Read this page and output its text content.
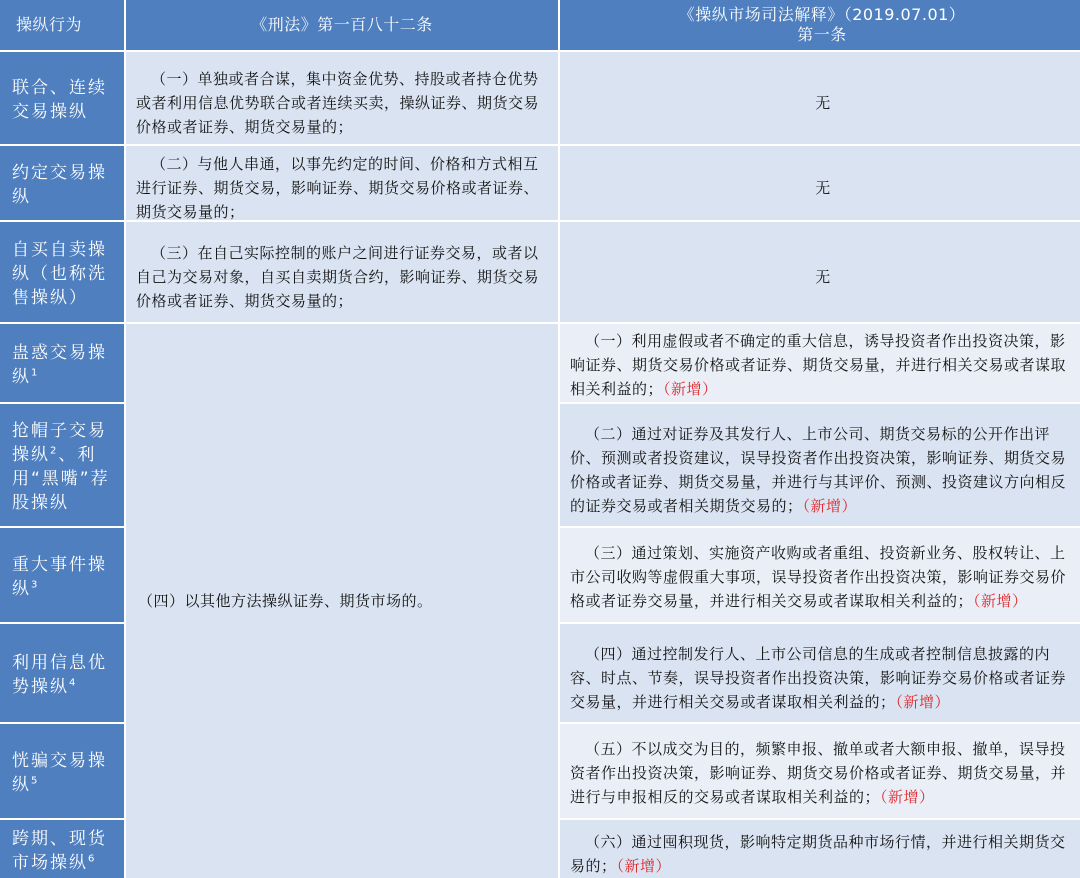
操纵行为	《刑法》第一百八十二条
《操纵市场司法解释》（2019.07.01）
第一条
联合、连续交易操纵
（一）单独或者合谋，集中资金优势、持股或者持仓优势或者利用信息优势联合或者连续买卖，操纵证券、期货交易价格或者证券、期货交易量的；
无
约定交易操纵
（二）与他人串通，以事先约定的时间、价格和方式相互进行证券、期货交易，影响证券、期货交易价格或者证券、期货交易量的；
无
自买自卖操纵（也称洗售操纵）
（三）在自己实际控制的账户之间进行证券交易，或者以自己为交易对象，自买自卖期货合约，影响证券、期货交易价格或者证券、期货交易量的；
无
（四）以其他方法操纵证券、期货市场的。
蛊惑交易操纵$^1$
（一）利用虚假或者不确定的重大信息，诱导投资者作出投资决策，影响证券、期货交易价格或者证券、期货交易量，并进行相关交易或者谋取相关利益的；（新增）
抢帽子交易操纵$^2$、利用“黑嘴”荐股操纵
（二）通过对证券及其发行人、上市公司、期货交易标的公开作出评价、预测或者投资建议，误导投资者作出投资决策，影响证券、期货交易价格或者证券、期货交易量，并进行与其评价、预测、投资建议方向相反的证券交易或者相关期货交易的；（新增）
重大事件操纵$^3$
（三）通过策划、实施资产收购或者重组、投资新业务、股权转让、上市公司收购等虚假重大事项，误导投资者作出投资决策，影响证券交易价格或者证券交易量，并进行相关交易或者谋取相关利益的；（新增）
利用信息优势操纵$^4$
（四）通过控制发行人、上市公司信息的生成或者控制信息披露的内容、时点、节奏，误导投资者作出投资决策，影响证券交易价格或者证券交易量，并进行相关交易或者谋取相关利益的；（新增）
恍骗交易操纵$^5$
（五）不以成交为目的，频繁申报、撤单或者大额申报、撤单，误导投资者作出投资决策，影响证券、期货交易价格或者证券、期货交易量，并进行与申报相反的交易或者谋取相关利益的；（新增）
跨期、现货市场操纵$^6$
（六）通过囤积现货，影响特定期货品种市场行情，并进行相关期货交易的；（新增）
